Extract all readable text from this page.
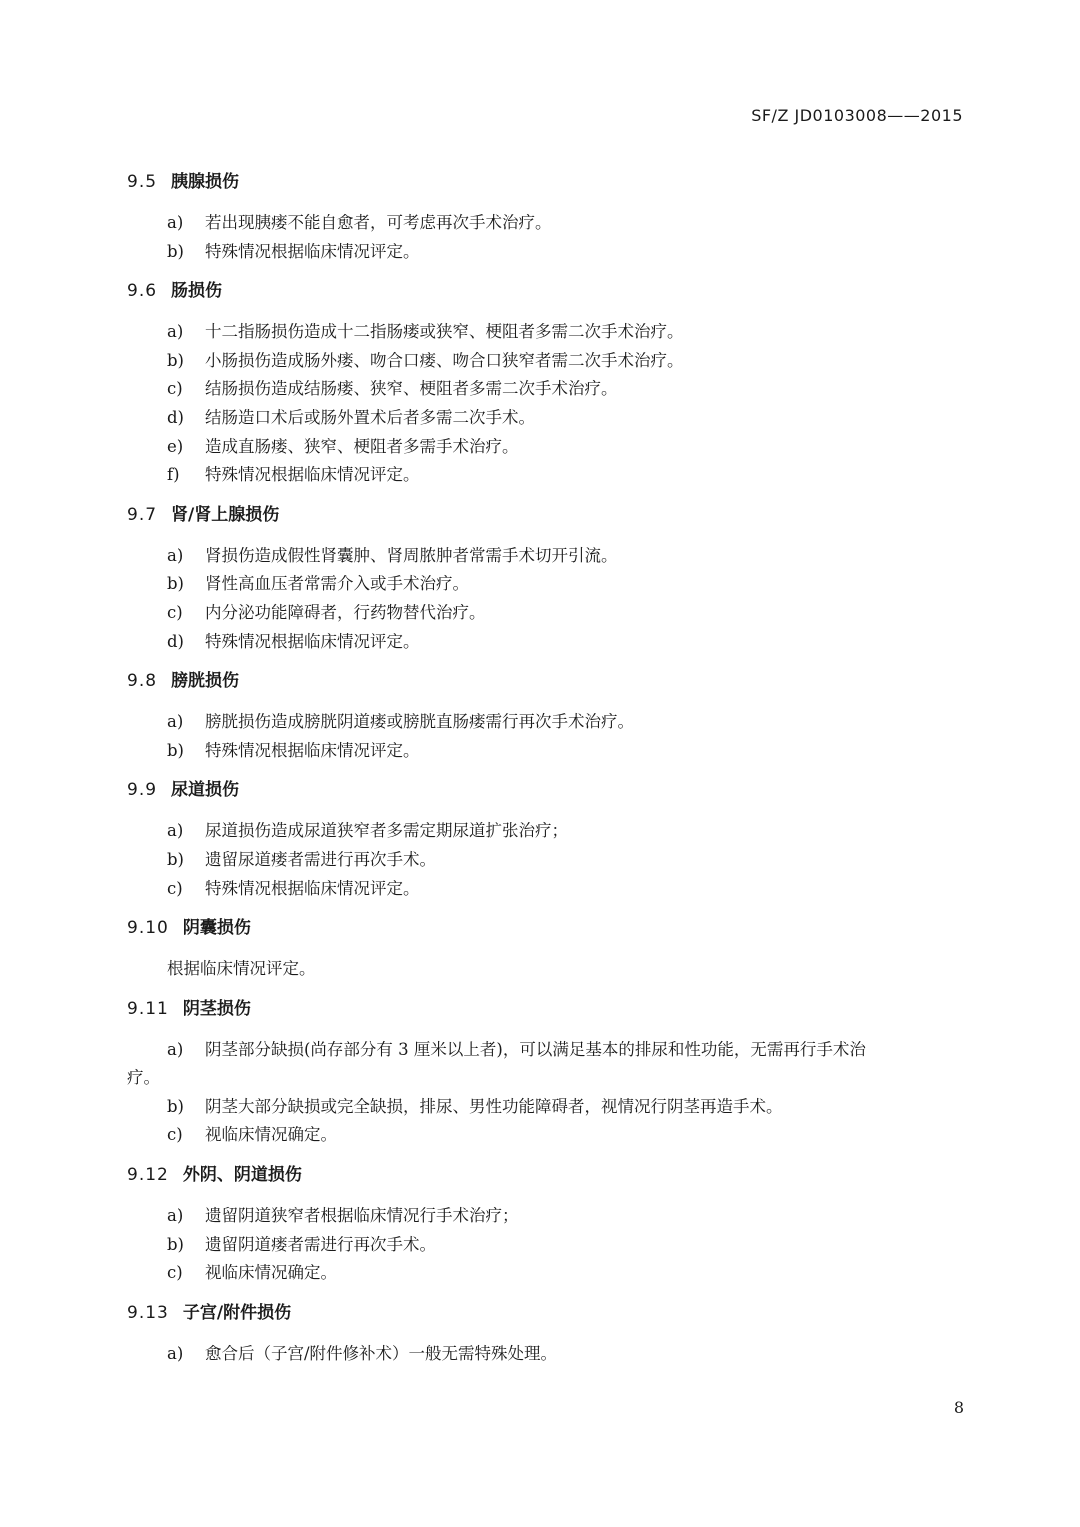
SF/Z JD0103008——2015
9.5 胰腺损伤
a) 若出现胰瘘不能自愈者，可考虑再次手术治疗。
b) 特殊情况根据临床情况评定。
9.6 肠损伤
a) 十二指肠损伤造成十二指肠瘘或狭窄、梗阻者多需二次手术治疗。
b) 小肠损伤造成肠外瘘、吻合口瘘、吻合口狭窄者需二次手术治疗。
c) 结肠损伤造成结肠瘘、狭窄、梗阻者多需二次手术治疗。
d) 结肠造口术后或肠外置术后者多需二次手术。
e) 造成直肠瘘、狭窄、梗阻者多需手术治疗。
f) 特殊情况根据临床情况评定。
9.7 肾/肾上腺损伤
a) 肾损伤造成假性肾囊肿、肾周脓肿者常需手术切开引流。
b) 肾性高血压者常需介入或手术治疗。
c) 内分泌功能障碍者，行药物替代治疗。
d) 特殊情况根据临床情况评定。
9.8 膀胱损伤
a) 膀胱损伤造成膀胱阴道瘘或膀胱直肠瘘需行再次手术治疗。
b) 特殊情况根据临床情况评定。
9.9 尿道损伤
a) 尿道损伤造成尿道狭窄者多需定期尿道扩张治疗；
b) 遗留尿道瘘者需进行再次手术。
c) 特殊情况根据临床情况评定。
9.10 阴囊损伤
根据临床情况评定。
9.11 阴茎损伤
a) 阴茎部分缺损(尚存部分有 3 厘米以上者)，可以满足基本的排尿和性功能，无需再行手术治
疗。
b) 阴茎大部分缺损或完全缺损，排尿、男性功能障碍者，视情况行阴茎再造手术。
c) 视临床情况确定。
9.12 外阴、阴道损伤
a) 遗留阴道狭窄者根据临床情况行手术治疗；
b) 遗留阴道瘘者需进行再次手术。
c) 视临床情况确定。
9.13 子宫/附件损伤
a) 愈合后（子宫/附件修补术）一般无需特殊处理。
8
